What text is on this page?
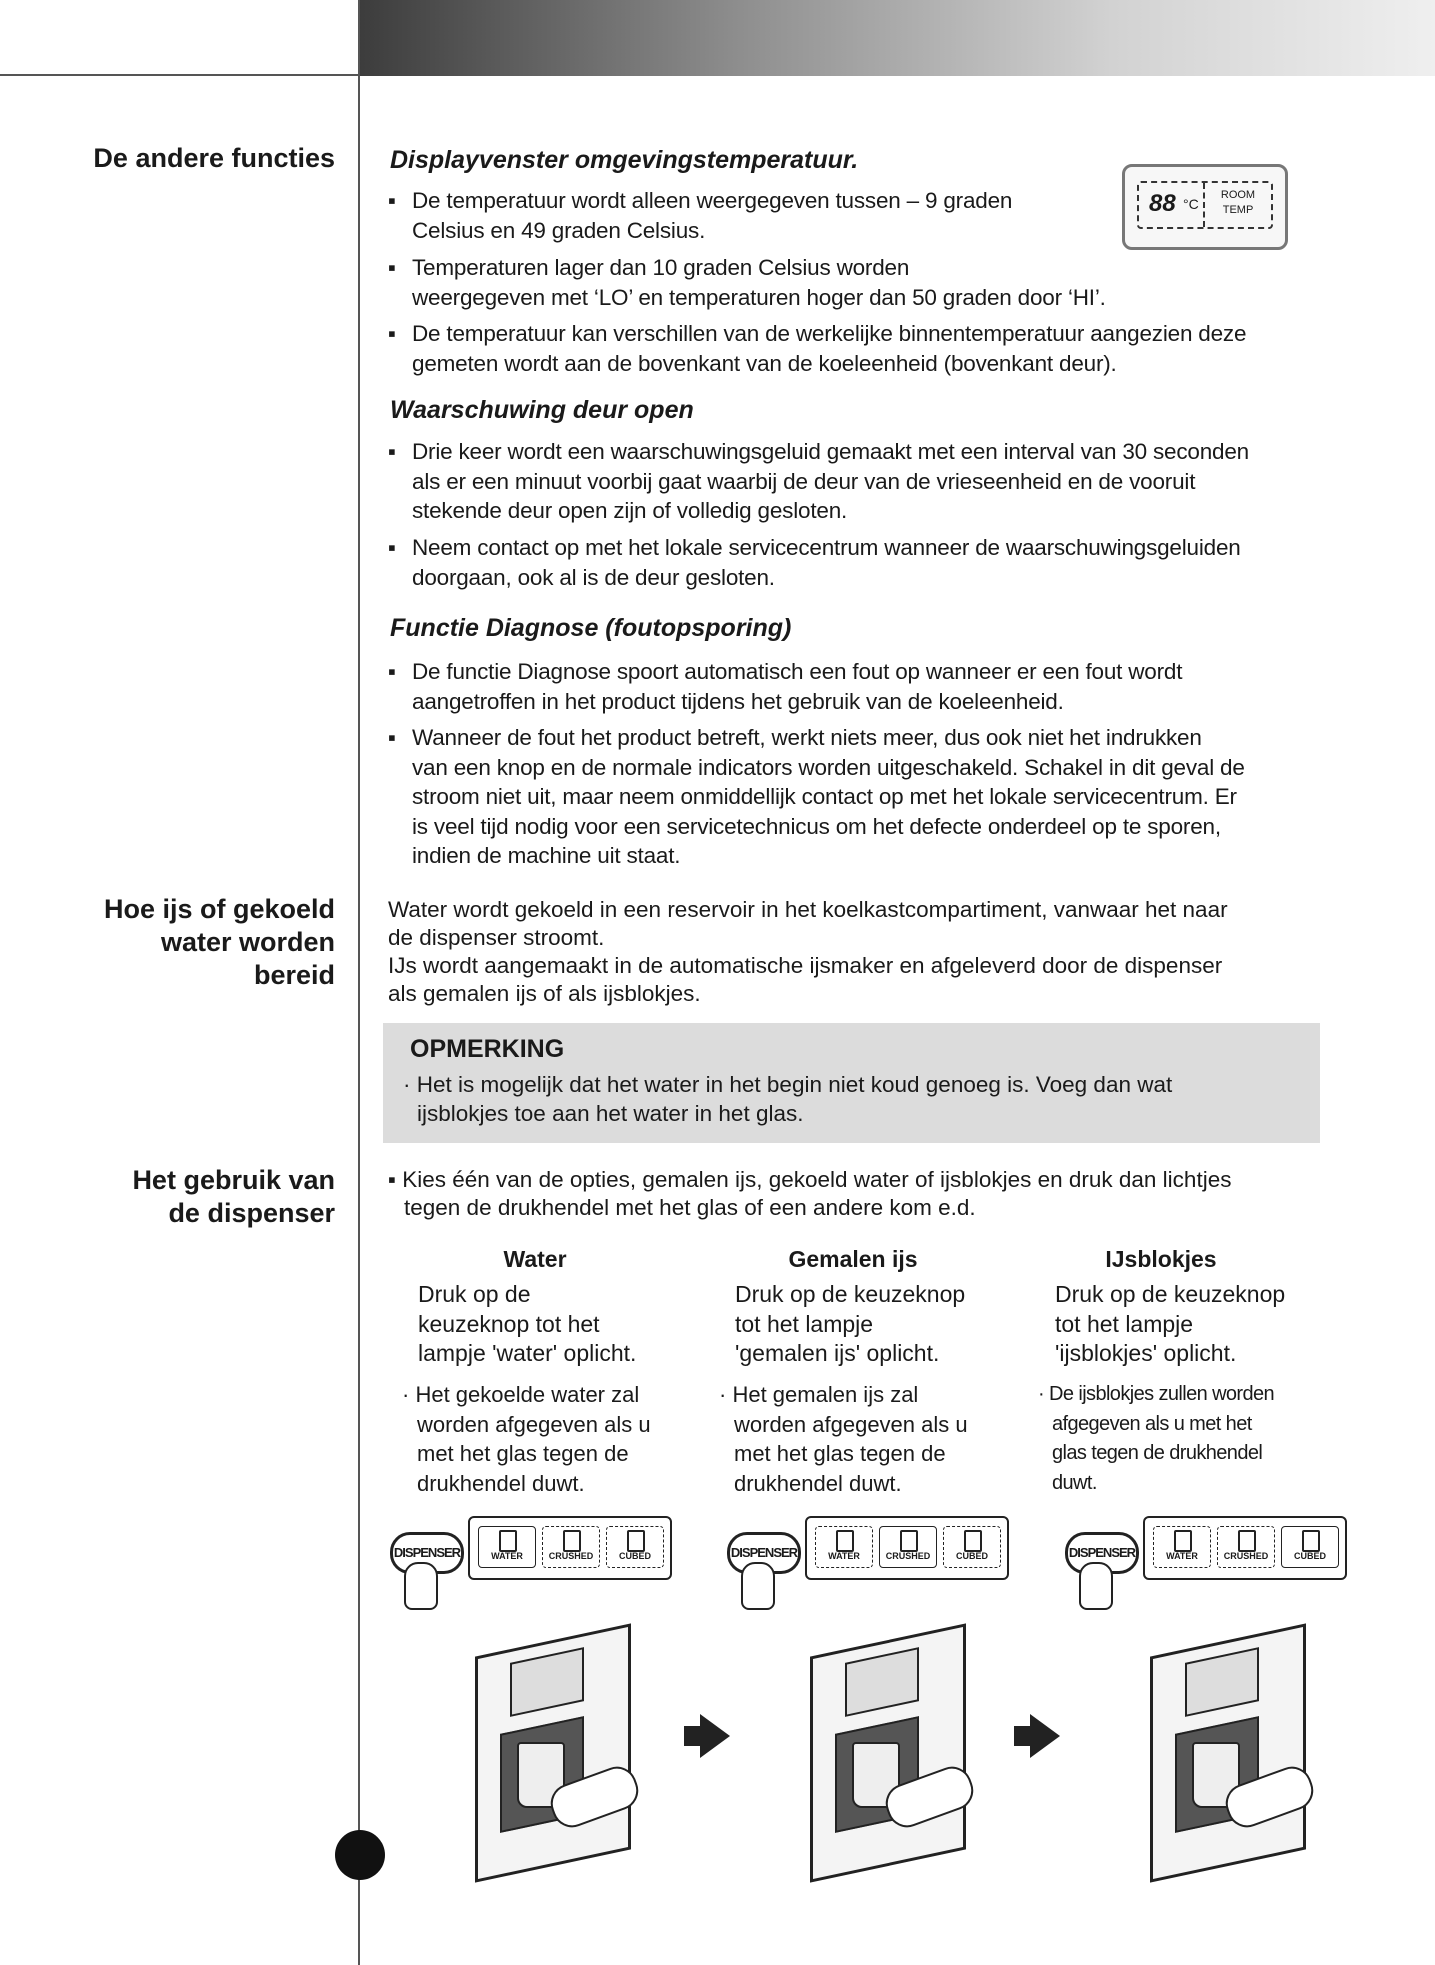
De andere functies
Hoe ijs of gekoeld
water worden
bereid
Het gebruik van
de dispenser
Displayvenster omgevingstemperatuur.
88 °C
ROOM
TEMP
▪ De temperatuur wordt alleen weergegeven tussen – 9 graden
Celsius en 49 graden Celsius.
▪ Temperaturen lager dan 10 graden Celsius worden
weergegeven met ‘LO’ en temperaturen hoger dan 50 graden door ‘HI’.
▪ De temperatuur kan verschillen van de werkelijke binnentemperatuur aangezien deze
gemeten wordt aan de bovenkant van de koeleenheid (bovenkant deur).
Waarschuwing deur open
▪ Drie keer wordt een waarschuwingsgeluid gemaakt met een interval van 30 seconden
als er een minuut voorbij gaat waarbij de deur van de vrieseenheid en de vooruit
stekende deur open zijn of volledig gesloten.
▪ Neem contact op met het lokale servicecentrum wanneer de waarschuwingsgeluiden
doorgaan, ook al is de deur gesloten.
Functie Diagnose (foutopsporing)
▪ De functie Diagnose spoort automatisch een fout op wanneer er een fout wordt
aangetroffen in het product tijdens het gebruik van de koeleenheid.
▪ Wanneer de fout het product betreft, werkt niets meer, dus ook niet het indrukken
van een knop en de normale indicators worden uitgeschakeld. Schakel in dit geval de
stroom niet uit, maar neem onmiddellijk contact op met het lokale servicecentrum. Er
is veel tijd nodig voor een servicetechnicus om het defecte onderdeel op te sporen,
indien de machine uit staat.
Water wordt gekoeld in een reservoir in het koelkastcompartiment, vanwaar het naar
de dispenser stroomt.
IJs wordt aangemaakt in de automatische ijsmaker en afgeleverd door de dispenser
als gemalen ijs of als ijsblokjes.
OPMERKING
· Het is mogelijk dat het water in het begin niet koud genoeg is. Voeg dan wat
ijsblokjes toe aan het water in het glas.
▪ Kies één van de opties, gemalen ijs, gekoeld water of ijsblokjes en druk dan lichtjes
tegen de drukhendel met het glas of een andere kom e.d.
Water
Druk op de
keuzeknop tot het
lampje 'water' oplicht.
· Het gekoelde water zal
worden afgegeven als u
met het glas tegen de
drukhendel duwt.
Gemalen ijs
Druk op de keuzeknop
tot het lampje
'gemalen ijs' oplicht.
· Het gemalen ijs zal
worden afgegeven als u
met het glas tegen de
drukhendel duwt.
IJsblokjes
Druk op de keuzeknop
tot het lampje
'ijsblokjes' oplicht.
· De ijsblokjes zullen worden
afgegeven als u met het
glas tegen de drukhendel
duwt.
DISPENSER	WATER	CRUSHED	CUBED	DISPENSER	WATER	CRUSHED	CUBED	DISPENSER	WATER	CRUSHED	CUBED
